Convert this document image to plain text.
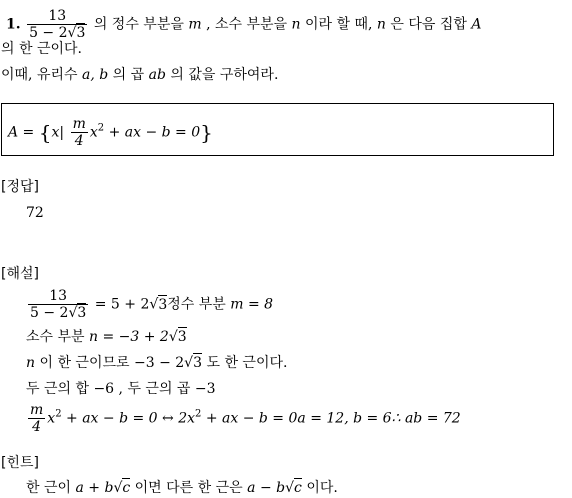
1. $\frac{13}{5 - 2√3}$ 의 정수 부분을 m , 소수 부분을 n 이라 할 때, n 은 다음 집합 A
의 한 근이다.
이때, 유리수 a, b 의 곱 ab 의 값을 구하여라.
$A = \{x| \frac{m}{4} x^2$ + ax − b = 0}
[정답]
72
[해설]
$\frac{13}{5 - 2√3} = 5 + 2√3$정수 부분 m = 8
소수 부분 n = −3 + 2√3
n 이 한 근이므로 −3 − 2√3 도 한 근이다.
두 근의 합 −6 , 두 근의 곱 −3
$\frac{m}{4} x^2$ + ax − b = 0 ↔ $2x^2$ + ax − b = 0a = 12, b = 6∴ ab = 72
[힌트]
한 근이 a + b√c 이면 다른 한 근은 a − b√c 이다.
